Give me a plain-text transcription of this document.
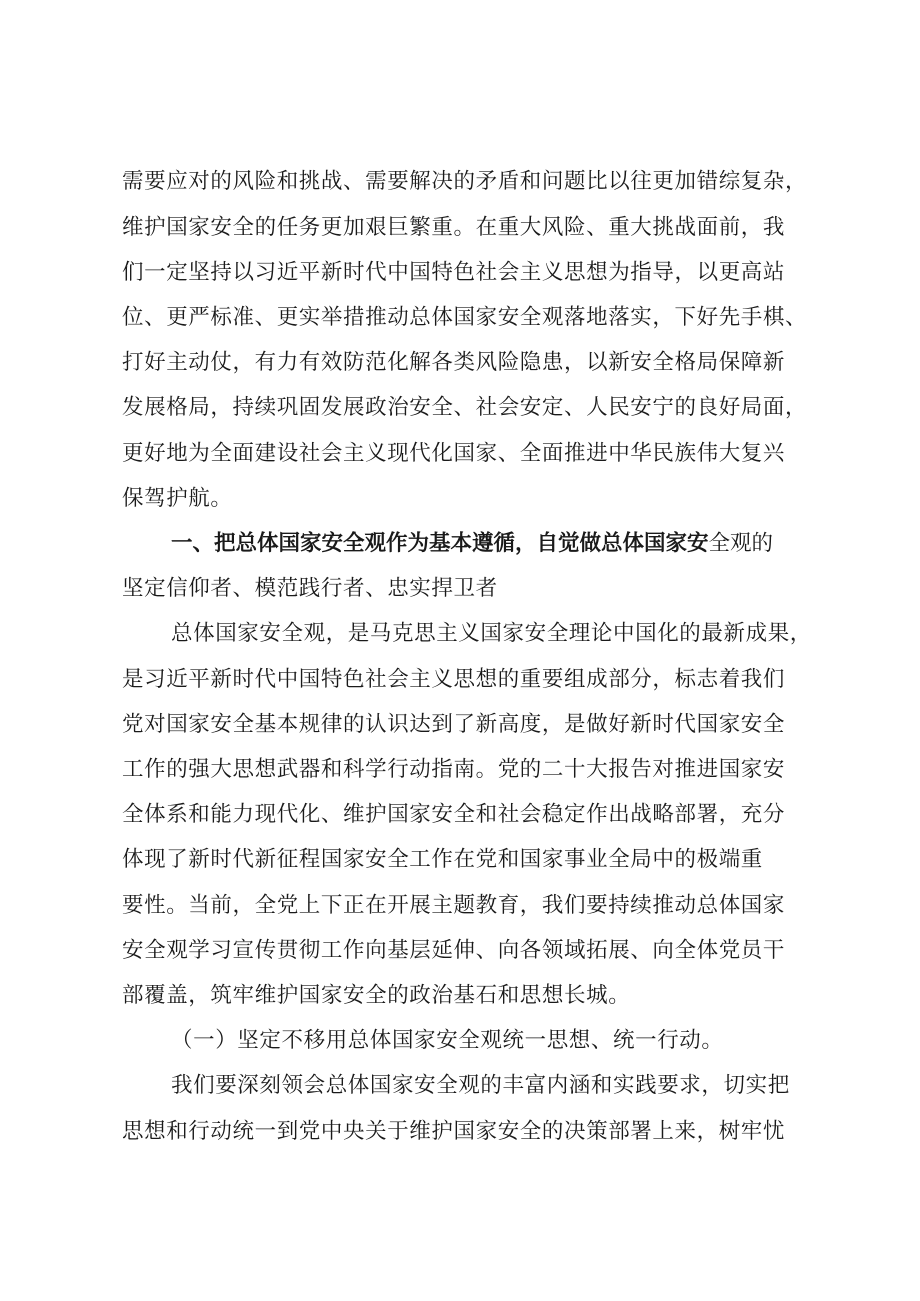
需要应对的风险和挑战、需要解决的矛盾和问题比以往更加错综复杂，
维护国家安全的任务更加艰巨繁重。在重大风险、重大挑战面前，我
们一定坚持以习近平新时代中国特色社会主义思想为指导，以更高站
位、更严标准、更实举措推动总体国家安全观落地落实，下好先手棋、
打好主动仗，有力有效防范化解各类风险隐患，以新安全格局保障新
发展格局，持续巩固发展政治安全、社会安定、人民安宁的良好局面，
更好地为全面建设社会主义现代化国家、全面推进中华民族伟大复兴
保驾护航。
一、把总体国家安全观作为基本遵循，自觉做总体国家安全观的
坚定信仰者、模范践行者、忠实捍卫者
总体国家安全观，是马克思主义国家安全理论中国化的最新成果，
是习近平新时代中国特色社会主义思想的重要组成部分，标志着我们
党对国家安全基本规律的认识达到了新高度，是做好新时代国家安全
工作的强大思想武器和科学行动指南。党的二十大报告对推进国家安
全体系和能力现代化、维护国家安全和社会稳定作出战略部署，充分
体现了新时代新征程国家安全工作在党和国家事业全局中的极端重
要性。当前，全党上下正在开展主题教育，我们要持续推动总体国家
安全观学习宣传贯彻工作向基层延伸、向各领域拓展、向全体党员干
部覆盖，筑牢维护国家安全的政治基石和思想长城。
（一）坚定不移用总体国家安全观统一思想、统一行动。
我们要深刻领会总体国家安全观的丰富内涵和实践要求，切实把
思想和行动统一到党中央关于维护国家安全的决策部署上来，树牢忧
